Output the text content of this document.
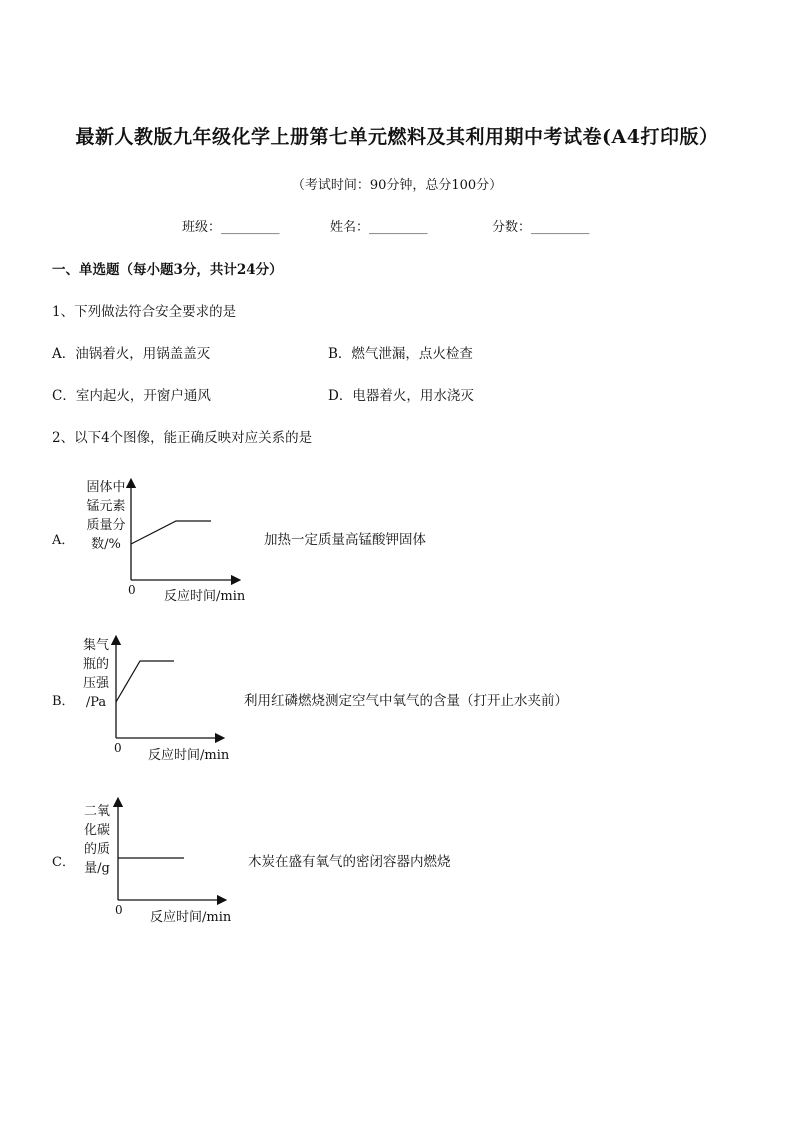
最新人教版九年级化学上册第七单元燃料及其利用期中考试卷(A4打印版）
（考试时间：90分钟，总分100分）
班级：_________	姓名：_________	分数：_________
一、单选题（每小题3分，共计24分）
1、下列做法符合安全要求的是
A．油锅着火，用锅盖盖灭	B．燃气泄漏，点火检查
C．室内起火，开窗户通风	D．电器着火，用水浇灭
2、以下4个图像，能正确反映对应关系的是
A．
固体中
锰元素
质量分
数/%
0 反应时间/min
加热一定质量高锰酸钾固体
B．
集气
瓶的
压强
/Pa
0 反应时间/min
利用红磷燃烧测定空气中氧气的含量（打开止水夹前）
C．
二氧
化碳
的质
量/g
0 反应时间/min
木炭在盛有氧气的密闭容器内燃烧
